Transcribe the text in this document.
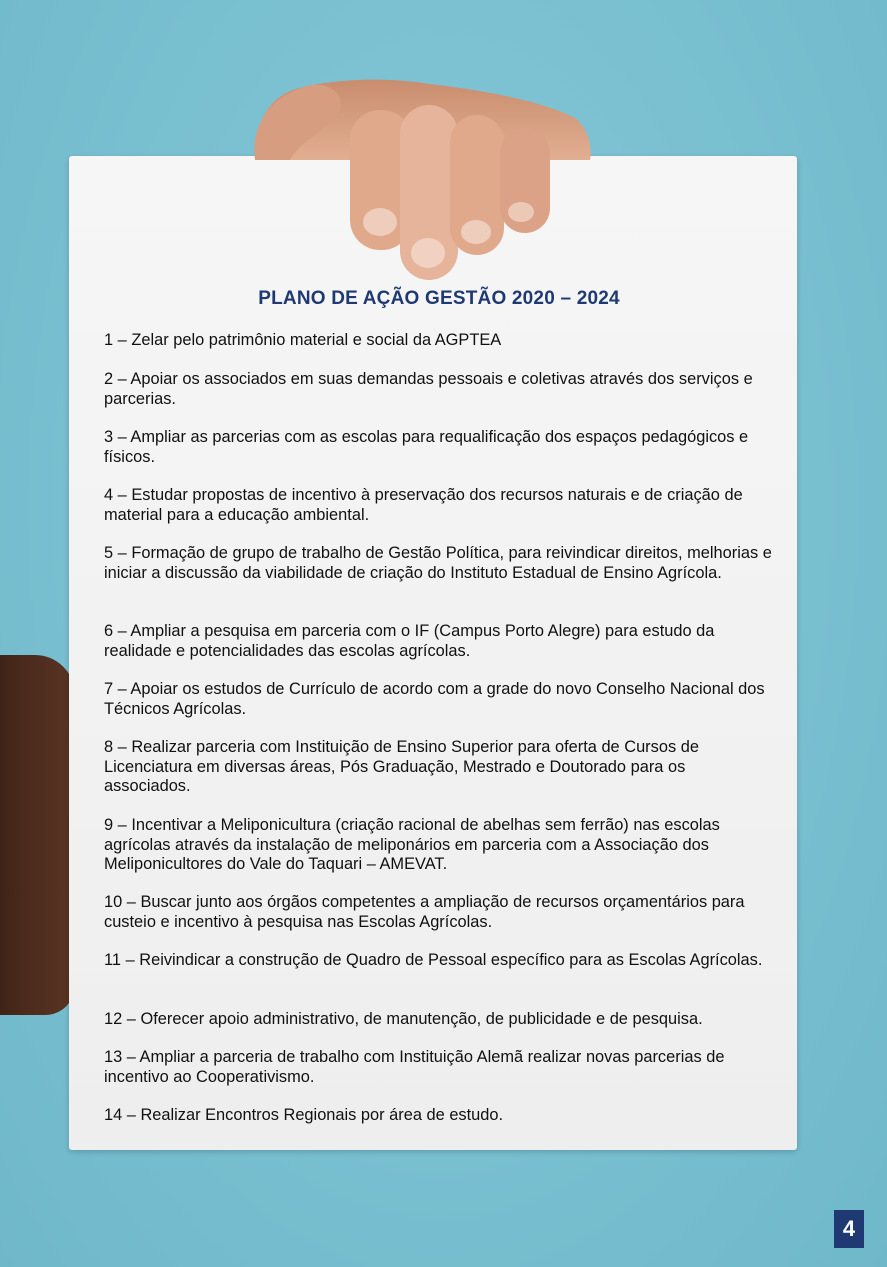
PLANO DE AÇÃO GESTÃO 2020 – 2024
1 – Zelar pelo patrimônio material e social da AGPTEA
2 – Apoiar os associados em suas demandas pessoais e coletivas através dos serviços e parcerias.
3 – Ampliar as parcerias com as escolas para requalificação dos espaços pedagógicos e físicos.
4 – Estudar propostas de incentivo à preservação dos recursos naturais e de criação de material para a educação ambiental.
5 – Formação de grupo de trabalho de Gestão Política, para reivindicar direitos, melhorias e iniciar a discussão da viabilidade de criação do Instituto Estadual de Ensino Agrícola.
6 – Ampliar a pesquisa em parceria com o IF (Campus Porto Alegre) para estudo da realidade e potencialidades das escolas agrícolas.
7 – Apoiar os estudos de Currículo de acordo com a grade do novo Conselho Nacional dos Técnicos Agrícolas.
8 – Realizar parceria com Instituição de Ensino Superior para oferta de Cursos de Licenciatura em diversas áreas, Pós Graduação, Mestrado e Doutorado para os associados.
9 – Incentivar a Meliponicultura (criação racional de abelhas sem ferrão) nas escolas agrícolas através da instalação de meliponários em parceria com a Associação dos Meliponicultores do Vale do Taquari – AMEVAT.
10 – Buscar junto aos órgãos competentes a ampliação de recursos orçamentários para custeio e incentivo à pesquisa nas Escolas Agrícolas.
11 – Reivindicar a construção de Quadro de Pessoal específico para as Escolas Agrícolas.
12 – Oferecer apoio administrativo, de manutenção, de publicidade e de pesquisa.
13 – Ampliar a parceria de trabalho com Instituição Alemã realizar novas parcerias de incentivo ao Cooperativismo.
14 – Realizar Encontros Regionais por área de estudo.
4
